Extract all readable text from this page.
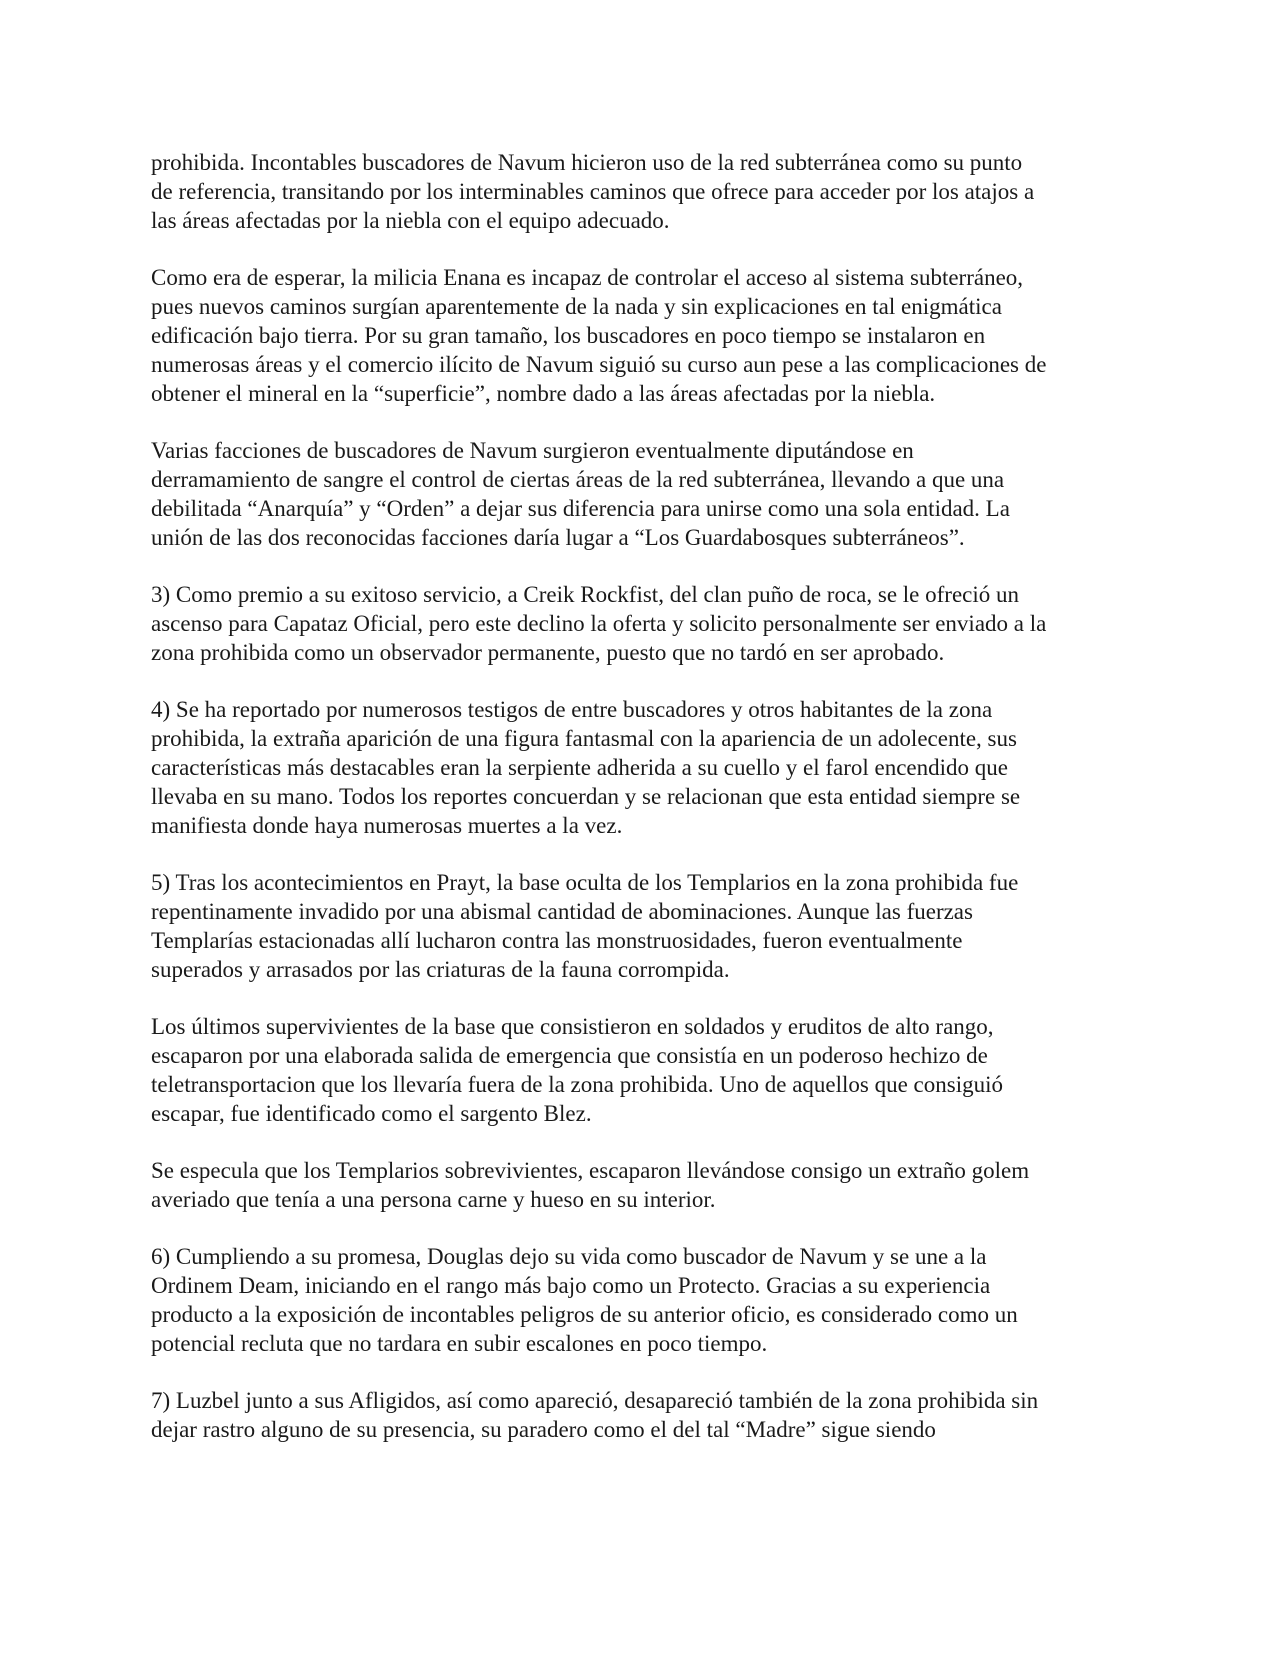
prohibida. Incontables buscadores de Navum hicieron uso de la red subterránea como su punto
de referencia, transitando por los interminables caminos que ofrece para acceder por los atajos a
las áreas afectadas por la niebla con el equipo adecuado.

Como era de esperar, la milicia Enana es incapaz de controlar el acceso al sistema subterráneo,
pues nuevos caminos surgían aparentemente de la nada y sin explicaciones en tal enigmática
edificación bajo tierra. Por su gran tamaño, los buscadores en poco tiempo se instalaron en
numerosas áreas y el comercio ilícito de Navum siguió su curso aun pese a las complicaciones de
obtener el mineral en la “superficie”, nombre dado a las áreas afectadas por la niebla.

Varias facciones de buscadores de Navum surgieron eventualmente diputándose en
derramamiento de sangre el control de ciertas áreas de la red subterránea, llevando a que una
debilitada “Anarquía” y “Orden” a dejar sus diferencia para unirse como una sola entidad. La
unión de las dos reconocidas facciones daría lugar a “Los Guardabosques subterráneos”.

3) Como premio a su exitoso servicio, a Creik Rockfist, del clan puño de roca, se le ofreció un
ascenso para Capataz Oficial, pero este declino la oferta y solicito personalmente ser enviado a la
zona prohibida como un observador permanente, puesto que no tardó en ser aprobado.

4) Se ha reportado por numerosos testigos de entre buscadores y otros habitantes de la zona
prohibida, la extraña aparición de una figura fantasmal con la apariencia de un adolecente, sus
características más destacables eran la serpiente adherida a su cuello y el farol encendido que
llevaba en su mano. Todos los reportes concuerdan y se relacionan que esta entidad siempre se
manifiesta donde haya numerosas muertes a la vez.

5) Tras los acontecimientos en Prayt, la base oculta de los Templarios en la zona prohibida fue
repentinamente invadido por una abismal cantidad de abominaciones. Aunque las fuerzas
Templarías estacionadas allí lucharon contra las monstruosidades, fueron eventualmente
superados y arrasados por las criaturas de la fauna corrompida.

Los últimos supervivientes de la base que consistieron en soldados y eruditos de alto rango,
escaparon por una elaborada salida de emergencia que consistía en un poderoso hechizo de
teletransportacion que los llevaría fuera de la zona prohibida. Uno de aquellos que consiguió
escapar, fue identificado como el sargento Blez.

Se especula que los Templarios sobrevivientes, escaparon llevándose consigo un extraño golem
averiado que tenía a una persona carne y hueso en su interior.

6) Cumpliendo a su promesa, Douglas dejo su vida como buscador de Navum y se une a la
Ordinem Deam, iniciando en el rango más bajo como un Protecto. Gracias a su experiencia
producto a la exposición de incontables peligros de su anterior oficio, es considerado como un
potencial recluta que no tardara en subir escalones en poco tiempo.

7) Luzbel junto a sus Afligidos, así como apareció, desapareció también de la zona prohibida sin
dejar rastro alguno de su presencia, su paradero como el del tal “Madre” sigue siendo
